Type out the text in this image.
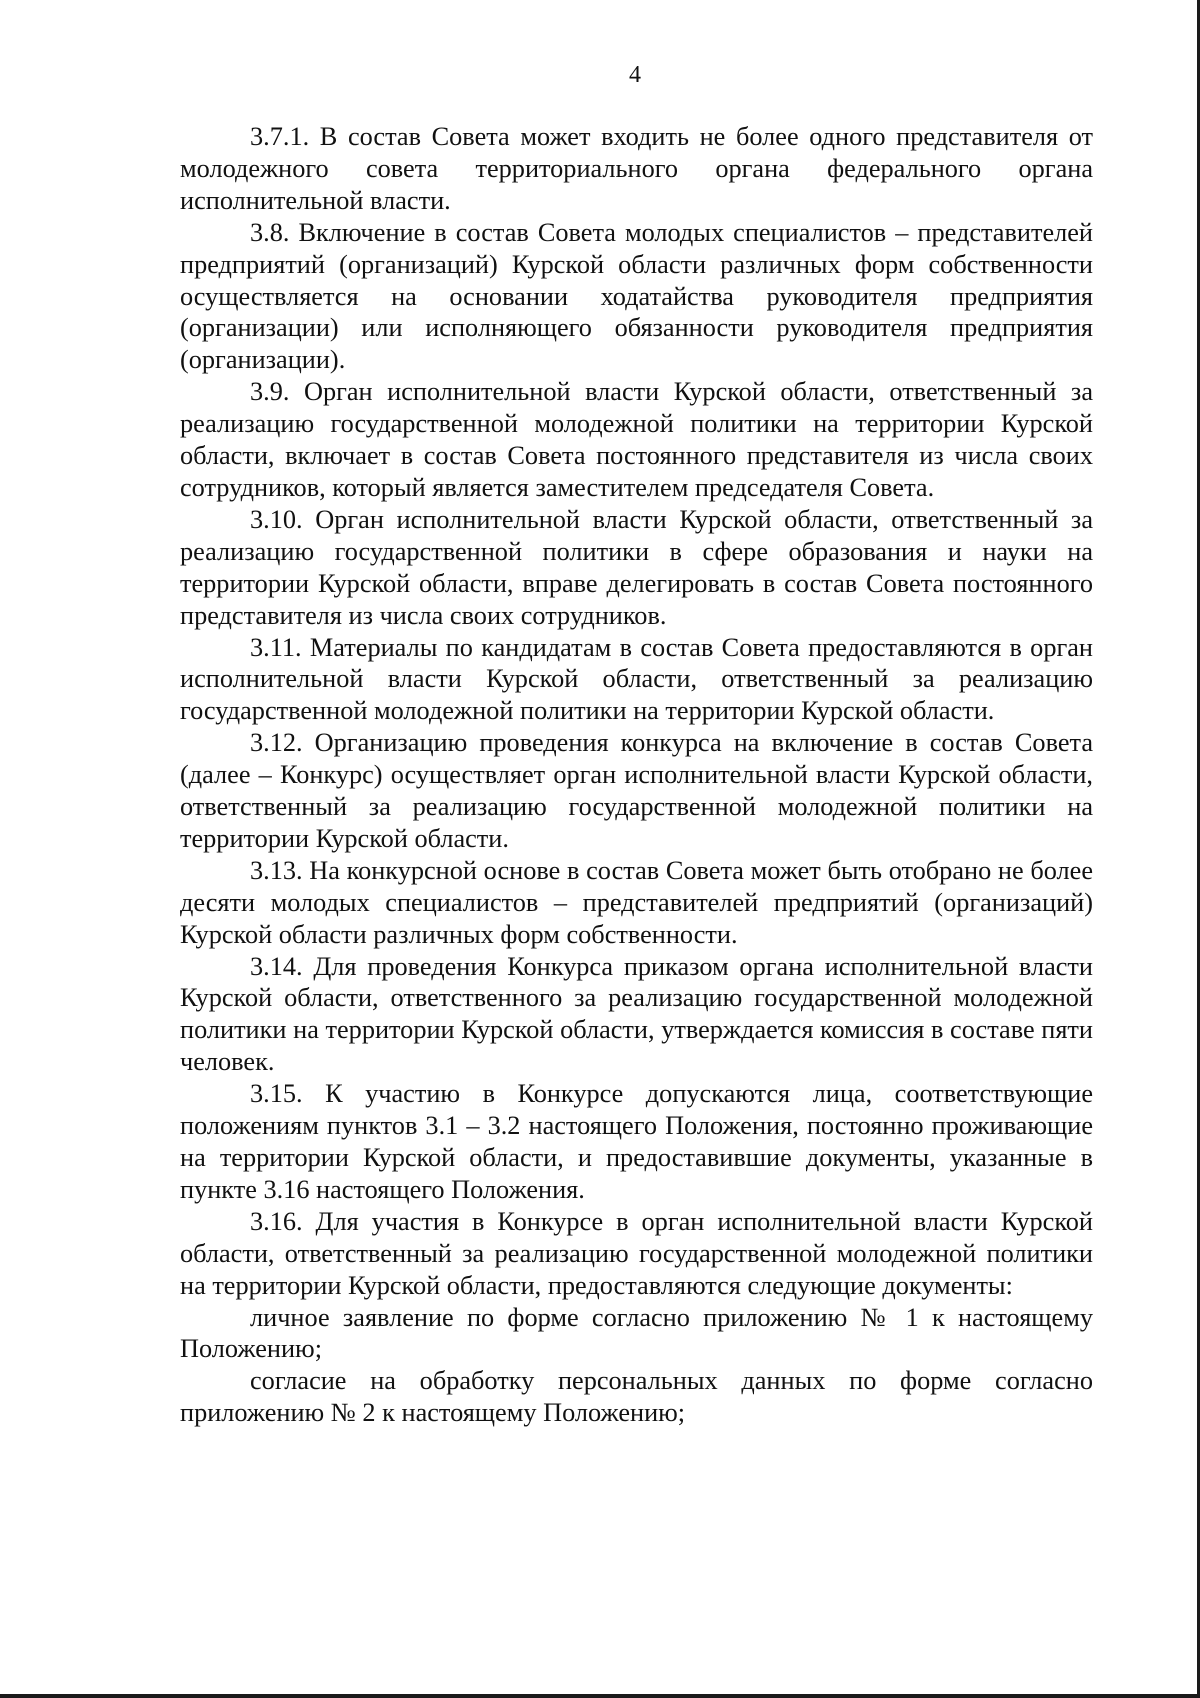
4

3.7.1. В состав Совета может входить не более одного представителя от молодежного совета территориального органа федерального органа исполнительной власти.

3.8. Включение в состав Совета молодых специалистов – представителей предприятий (организаций) Курской области различных форм собственности осуществляется на основании ходатайства руководителя предприятия (организации) или исполняющего обязанности руководителя предприятия (организации).

3.9. Орган исполнительной власти Курской области, ответственный за реализацию государственной молодежной политики на территории Курской области, включает в состав Совета постоянного представителя из числа своих сотрудников, который является заместителем председателя Совета.

3.10. Орган исполнительной власти Курской области, ответственный за реализацию государственной политики в сфере образования и науки на территории Курской области, вправе делегировать в состав Совета постоянного представителя из числа своих сотрудников.

3.11. Материалы по кандидатам в состав Совета предоставляются в орган исполнительной власти Курской области, ответственный за реализацию государственной молодежной политики на территории Курской области.

3.12. Организацию проведения конкурса на включение в состав Совета (далее – Конкурс) осуществляет орган исполнительной власти Курской области, ответственный за реализацию государственной молодежной политики на территории Курской области.

3.13. На конкурсной основе в состав Совета может быть отобрано не более десяти молодых специалистов – представителей предприятий (организаций) Курской области различных форм собственности.

3.14. Для проведения Конкурса приказом органа исполнительной власти Курской области, ответственного за реализацию государственной молодежной политики на территории Курской области, утверждается комиссия в составе пяти человек.

3.15. К участию в Конкурсе допускаются лица, соответствующие положениям пунктов 3.1 – 3.2 настоящего Положения, постоянно проживающие на территории Курской области, и предоставившие документы, указанные в пункте 3.16 настоящего Положения.

3.16. Для участия в Конкурсе в орган исполнительной власти Курской области, ответственный за реализацию государственной молодежной политики на территории Курской области, предоставляются следующие документы:

личное заявление по форме согласно приложению № 1 к настоящему Положению;

согласие на обработку персональных данных по форме согласно приложению № 2 к настоящему Положению;
